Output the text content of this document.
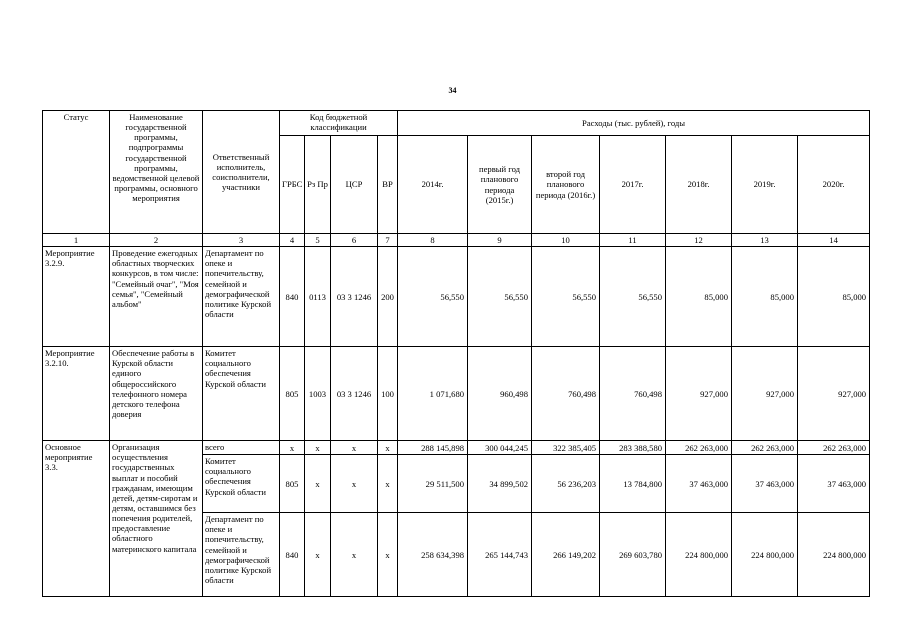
34
Статус	Наименование государственной программы, подпрограммы государственной программы, ведомственной целевой программы, основного мероприятия	Ответственный исполнитель, соисполнители, участники	Код бюджетной классификации				Расходы (тыс. рублей), годы						
			ГРБС	Рз Пр	ЦСР	ВР	2014г.	первый год планового периода (2015г.)	второй год планового периода (2016г.)	2017г.	2018г.	2019г.	2020г.
1	2	3	4	5	6	7	8	9	10	11	12	13	14
Мероприятие 3.2.9.	Проведение ежегодных областных творческих конкурсов, в том числе: "Семейный очаг", "Моя семья", "Семейный альбом"	Департамент по опеке и попечительству, семейной и демографической политике Курской области	840	0113	03 3 1246	200	56,550	56,550	56,550	56,550	85,000	85,000	85,000
Мероприятие 3.2.10.	Обеспечение работы в Курской области единого общероссийского телефонного номера детского телефона доверия	Комитет социального обеспечения Курской области	805	1003	03 3 1246	100	1 071,680	960,498	760,498	760,498	927,000	927,000	927,000
Основное мероприятие 3.3.	Организация осуществления государственных выплат и пособий гражданам, имеющим детей, детям-сиротам и детям, оставшимся без попечения родителей, предоставление областного материнского капитала	всего	x	x	x	x	288 145,898	300 044,245	322 385,405	283 388,580	262 263,000	262 263,000	262 263,000
		Комитет социального обеспечения Курской области	805	x	x	x	29 511,500	34 899,502	56 236,203	13 784,800	37 463,000	37 463,000	37 463,000
		Департамент по опеке и попечительству, семейной и демографической политике Курской области	840	x	x	x	258 634,398	265 144,743	266 149,202	269 603,780	224 800,000	224 800,000	224 800,000
